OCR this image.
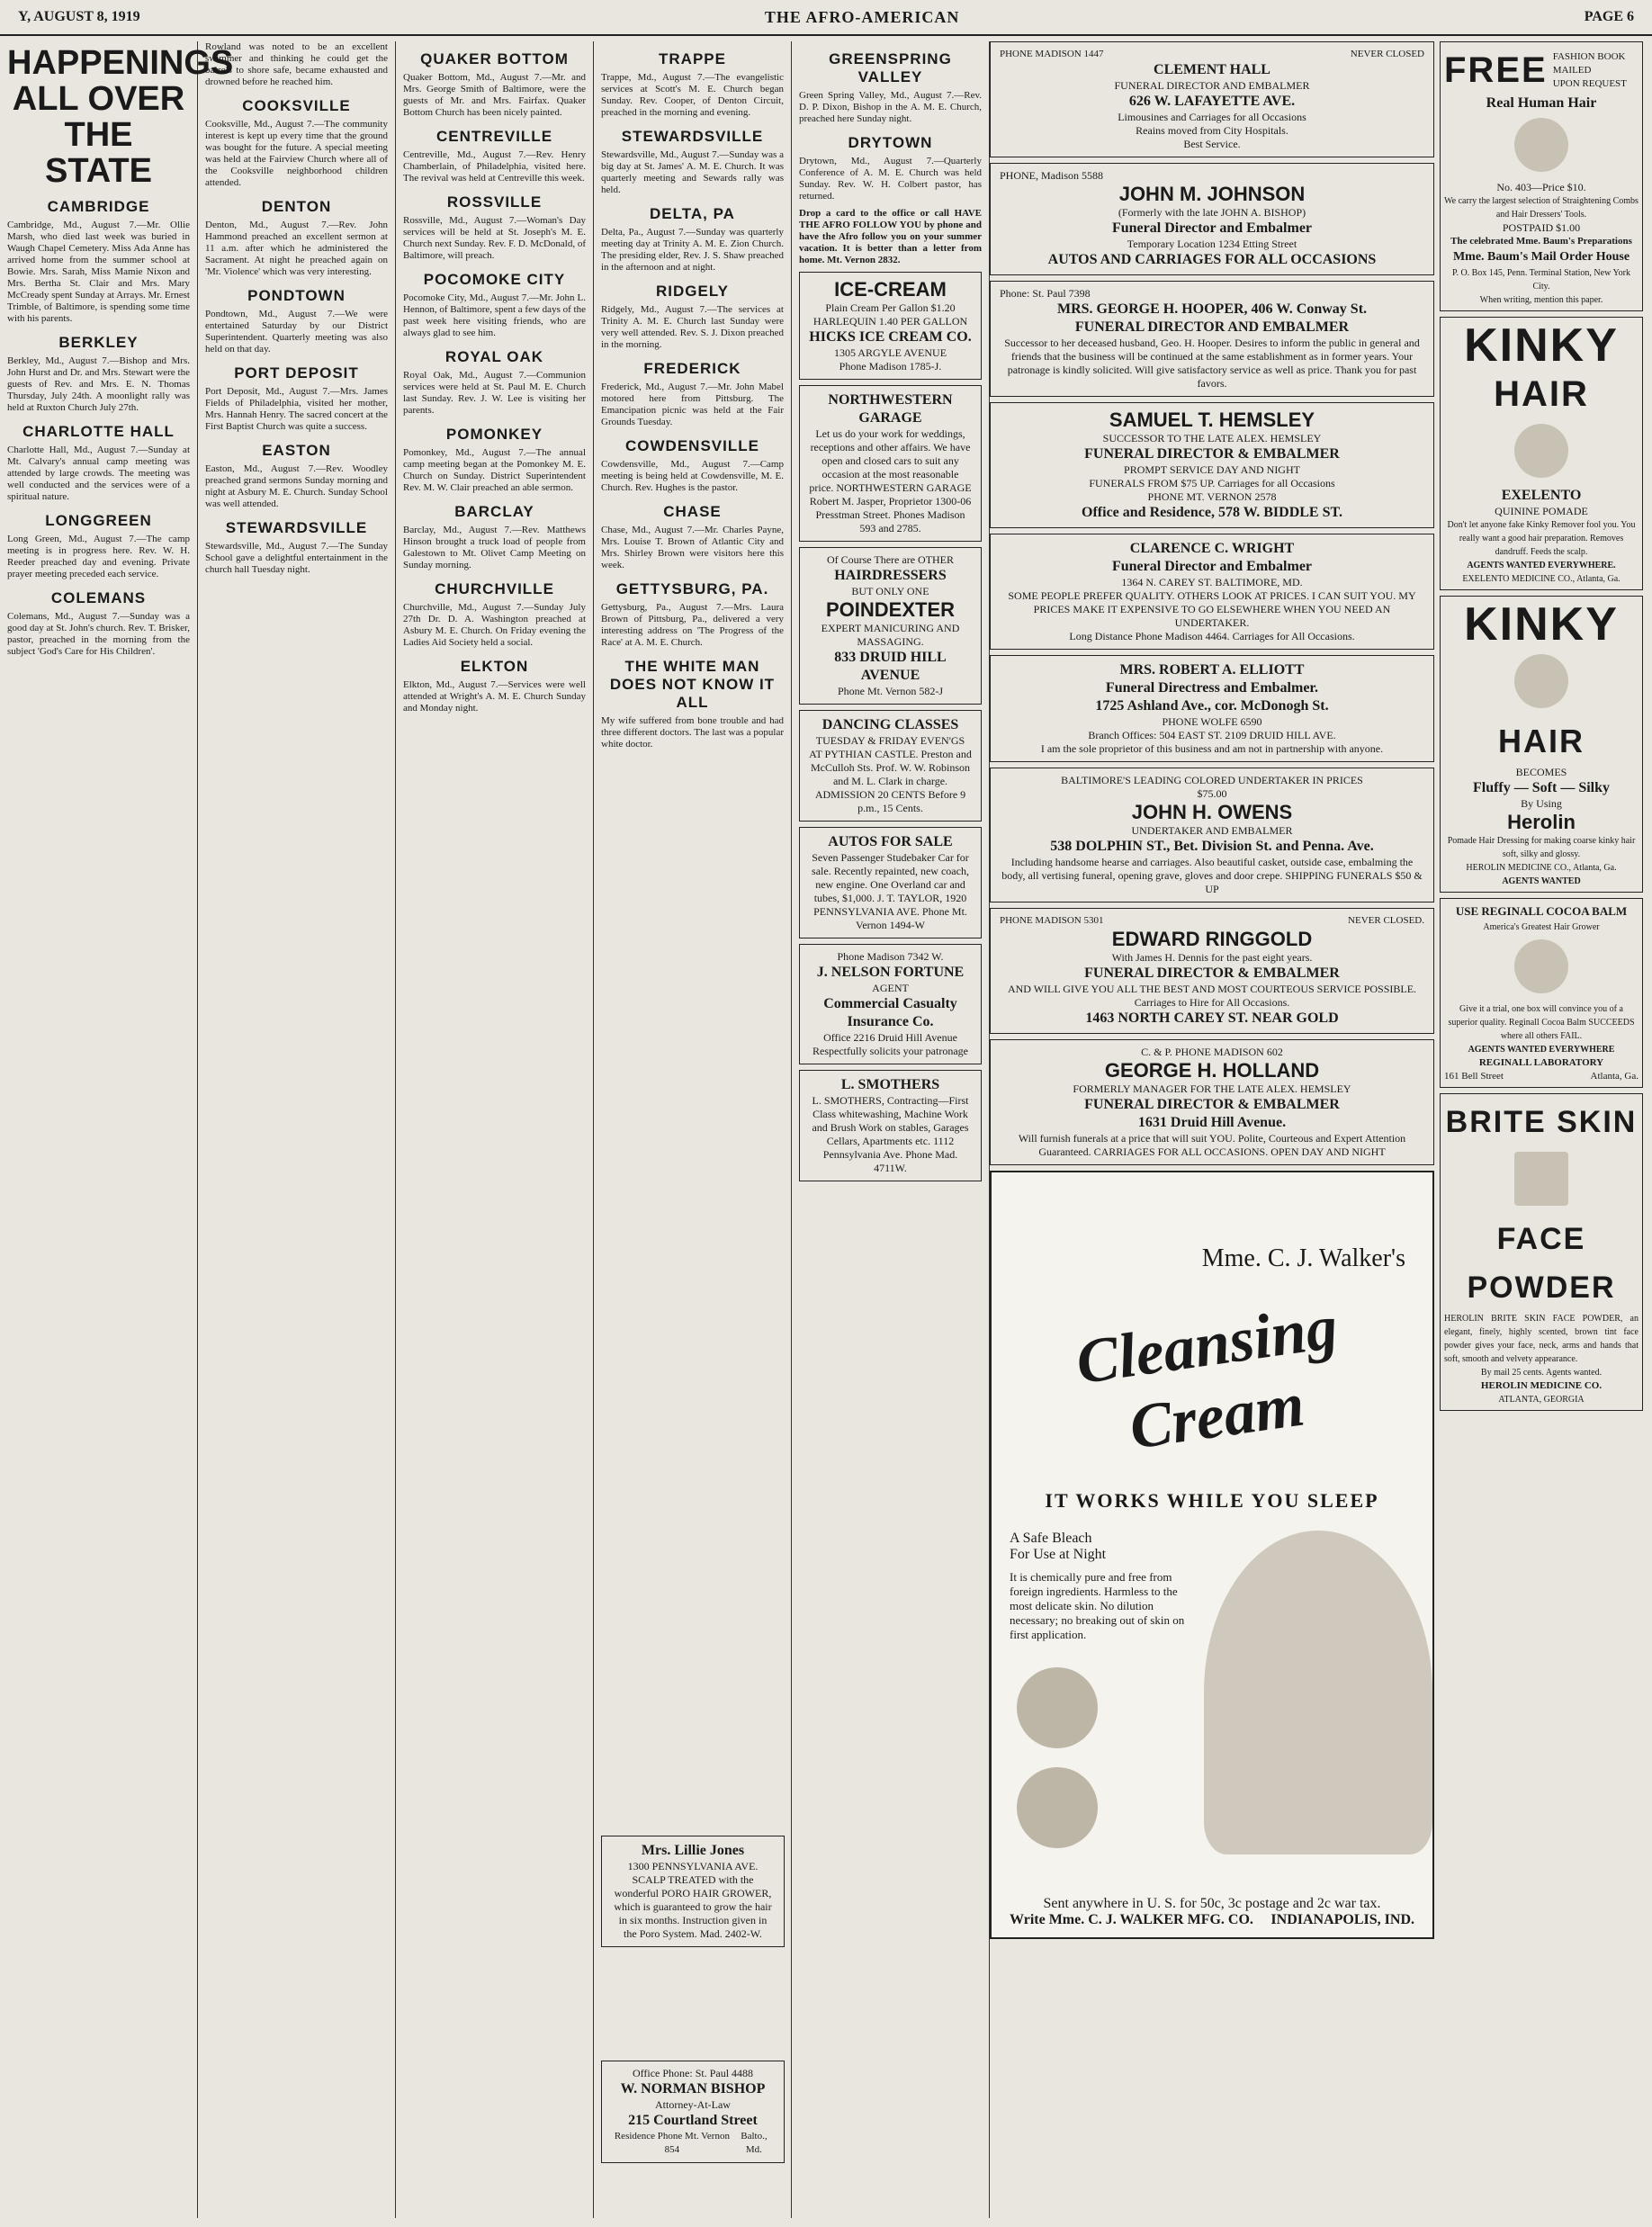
Y, AUGUST 8, 1919	THE AFRO-AMERICAN	PAGE 6
HAPPENINGS ALL OVER THE STATE
CAMBRIDGE

Cambridge, Md., August 7.—Mr. Ollie Marsh, who died last week was buried in Waugh Chapel Cemetery. Miss Ada Anne has arrived home from the summer school at Bowie. Mrs. Sarah, Miss Mamie Nixon and Mrs. Bertha St. Clair and Mrs. Mary McCready spent Sunday at Arrays. Mr. Ernest Trimble, of Baltimore, is spending some time with his parents.

BERKLEY

Berkley, Md., August 7.—Bishop and Mrs. John Hurst and Dr. and Mrs. Stewart were the guests of Rev. and Mrs. E. N. Thomas Thursday, July 24th. A moonlight rally was held at Ruxton Church July 27th.

CHARLOTTE HALL

Charlotte Hall, Md., August 7.—Sunday at Mt. Calvary's annual camp meeting was attended by large crowds. The meeting was well conducted and the services were of a spiritual nature.

LONGGREEN

Long Green, Md., August 7.—The camp meeting is in progress here. Rev. W. H. Reeder preached day and evening. Private prayer meeting preceded each service.

COLEMANS

Colemans, Md., August 7.—Sunday was a good day at St. John's church. Rev. T. Brisker, pastor, preached in the morning from the subject 'God's Care for His Children'.

Rowland was noted to be an excellent swimmer and thinking he could get the barrels to shore safe, became exhausted and drowned before he reached him.

COOKSVILLE

Cooksville, Md., August 7.—The community interest is kept up every time that the ground was bought for the future. A special meeting was held at the Fairview Church where all of the Cooksville neighborhood children attended.

DENTON

Denton, Md., August 7.—Rev. John Hammond preached an excellent sermon at 11 a.m. after which he administered the Sacrament. At night he preached again on 'Mr. Violence' which was very interesting.

PONDTOWN

Pondtown, Md., August 7.—We were entertained Saturday by our District Superintendent. Quarterly meeting was also held on that day.

PORT DEPOSIT

Port Deposit, Md., August 7.—Mrs. James Fields of Philadelphia, visited her mother, Mrs. Hannah Henry. The sacred concert at the First Baptist Church was quite a success.

EASTON

Easton, Md., August 7.—Rev. Woodley preached grand sermons Sunday morning and night at Asbury M. E. Church. Sunday School was well attended.

STEWARDSVILLE

Stewardsville, Md., August 7.—The Sunday School gave a delightful entertainment in the church hall Tuesday night.

QUAKER BOTTOM

Quaker Bottom, Md., August 7.—Mr. and Mrs. George Smith of Baltimore, were the guests of Mr. and Mrs. Fairfax. Quaker Bottom Church has been nicely painted.

CENTREVILLE

Centreville, Md., August 7.—Rev. Henry Chamberlain, of Philadelphia, visited here. The revival was held at Centreville this week.

ROSSVILLE

Rossville, Md., August 7.—Woman's Day services will be held at St. Joseph's M. E. Church next Sunday. Rev. F. D. McDonald, of Baltimore, will preach.

POCOMOKE CITY

Pocomoke City, Md., August 7.—Mr. John L. Hennon, of Baltimore, spent a few days of the past week here visiting friends, who are always glad to see him.

ROYAL OAK

Royal Oak, Md., August 7.—Communion services were held at St. Paul M. E. Church last Sunday. Rev. J. W. Lee is visiting her parents.

POMONKEY

Pomonkey, Md., August 7.—The annual camp meeting began at the Pomonkey M. E. Church on Sunday. District Superintendent Rev. M. W. Clair preached an able sermon.

BARCLAY

Barclay, Md., August 7.—Rev. Matthews Hinson brought a truck load of people from Galestown to Mt. Olivet Camp Meeting on Sunday morning.

CHURCHVILLE

Churchville, Md., August 7.—Sunday July 27th Dr. D. A. Washington preached at Asbury M. E. Church. On Friday evening the Ladies Aid Society held a social.

ELKTON

Elkton, Md., August 7.—Services were well attended at Wright's A. M. E. Church Sunday and Monday night.

TRAPPE

Trappe, Md., August 7.—The evangelistic services at Scott's M. E. Church began Sunday. Rev. Cooper, of Denton Circuit, preached in the morning and evening.

STEWARDSVILLE

Stewardsville, Md., August 7.—Sunday was a big day at St. James' A. M. E. Church. It was quarterly meeting and Sewards rally was held.

DELTA, PA

Delta, Pa., August 7.—Sunday was quarterly meeting day at Trinity A. M. E. Zion Church. The presiding elder, Rev. J. S. Shaw preached in the afternoon and at night.

RIDGELY

Ridgely, Md., August 7.—The services at Trinity A. M. E. Church last Sunday were very well attended. Rev. S. J. Dixon preached in the morning.

FREDERICK

Frederick, Md., August 7.—Mr. John Mabel motored here from Pittsburg. The Emancipation picnic was held at the Fair Grounds Tuesday.

COWDENSVILLE

Cowdensville, Md., August 7.—Camp meeting is being held at Cowdensville, M. E. Church. Rev. Hughes is the pastor.

CHASE

Chase, Md., August 7.—Mr. Charles Payne, Mrs. Louise T. Brown of Atlantic City and Mrs. Shirley Brown were visitors here this week.

GETTYSBURG, PA.

Gettysburg, Pa., August 7.—Mrs. Laura Brown of Pittsburg, Pa., delivered a very interesting address on 'The Progress of the Race' at A. M. E. Church.

THE WHITE MAN DOES NOT KNOW IT ALL

My wife suffered from bone trouble and had three different doctors. The last was a popular white doctor.

GREENSPRING VALLEY

Green Spring Valley, Md., August 7.—Rev. D. P. Dixon, Bishop in the A. M. E. Church, preached here Sunday night.

DRYTOWN

Drytown, Md., August 7.—Quarterly Conference of A. M. E. Church was held Sunday. Rev. W. H. Colbert pastor, has returned.

Drop a card to the office or call HAVE THE AFRO FOLLOW YOU by phone and have the Afro follow you on your summer vacation. It is better than a letter from home. Mt. Vernon 2832.

ICE-CREAM
Plain Cream Per Gallon $1.20
HARLEQUIN 1.40 PER GALLON
HICKS ICE CREAM CO.
1305 ARGYLE AVENUE
Phone Madison 1785-J.
NORTHWESTERN GARAGE
Let us do your work for weddings, receptions and other affairs. We have open and closed cars to suit any occasion at the most reasonable price. NORTHWESTERN GARAGE Robert M. Jasper, Proprietor 1300-06 Presstman Street. Phones Madison 593 and 2785.
Of Course There are OTHER
HAIRDRESSERS
BUT ONLY ONE
POINDEXTER
EXPERT MANICURING AND MASSAGING.
833 DRUID HILL AVENUE
Phone Mt. Vernon 582-J
DANCING CLASSES
TUESDAY & FRIDAY EVEN'GS AT PYTHIAN CASTLE. Preston and McCulloh Sts. Prof. W. W. Robinson and M. L. Clark in charge. ADMISSION 20 CENTS Before 9 p.m., 15 Cents.
AUTOS FOR SALE
Seven Passenger Studebaker Car for sale. Recently repainted, new coach, new engine. One Overland car and tubes, $1,000. J. T. TAYLOR, 1920 PENNSYLVANIA AVE. Phone Mt. Vernon 1494-W
Phone Madison 7342 W.
J. NELSON FORTUNE
AGENT
Commercial Casualty Insurance Co.
Office 2216 Druid Hill Avenue
Respectfully solicits your patronage
L. SMOTHERS
L. SMOTHERS, Contracting—First Class whitewashing, Machine Work and Brush Work on stables, Garages Cellars, Apartments etc. 1112 Pennsylvania Ave. Phone Mad. 4711W.
PHONE MADISON 1447	NEVER CLOSED
CLEMENT HALL
FUNERAL DIRECTOR AND EMBALMER
626 W. LAFAYETTE AVE.
Limousines and Carriages for all Occasions
Reains moved from City Hospitals.
Best Service.
PHONE, Madison 5588
JOHN M. JOHNSON
(Formerly with the late JOHN A. BISHOP)
Funeral Director and Embalmer
Temporary Location 1234 Etting Street
AUTOS AND CARRIAGES FOR ALL OCCASIONS
Phone: St. Paul 7398
MRS. GEORGE H. HOOPER, 406 W. Conway St.
FUNERAL DIRECTOR AND EMBALMER
Successor to her deceased husband, Geo. H. Hooper. Desires to inform the public in general and friends that the business will be continued at the same establishment as in former years. Your patronage is kindly solicited. Will give satisfactory service as well as price. Thank you for past favors.
SAMUEL T. HEMSLEY
SUCCESSOR TO THE LATE ALEX. HEMSLEY
FUNERAL DIRECTOR & EMBALMER
PROMPT SERVICE DAY AND NIGHT
FUNERALS FROM $75 UP. Carriages for all Occasions
PHONE MT. VERNON 2578
Office and Residence, 578 W. BIDDLE ST.
CLARENCE C. WRIGHT
Funeral Director and Embalmer
1364 N. CAREY ST. BALTIMORE, MD.
SOME PEOPLE PREFER QUALITY. OTHERS LOOK AT PRICES. I CAN SUIT YOU. MY PRICES MAKE IT EXPENSIVE TO GO ELSEWHERE WHEN YOU NEED AN UNDERTAKER.
Long Distance Phone Madison 4464. Carriages for All Occasions.
MRS. ROBERT A. ELLIOTT
Funeral Directress and Embalmer.
1725 Ashland Ave., cor. McDonogh St.
PHONE WOLFE 6590
Branch Offices: 504 EAST ST. 2109 DRUID HILL AVE.
I am the sole proprietor of this business and am not in partnership with anyone.
BALTIMORE'S LEADING COLORED UNDERTAKER IN PRICES
$75.00
JOHN H. OWENS
UNDERTAKER AND EMBALMER
538 DOLPHIN ST., Bet. Division St. and Penna. Ave.
Including handsome hearse and carriages. Also beautiful casket, outside case, embalming the body, all vertising funeral, opening grave, gloves and door crepe. SHIPPING FUNERALS $50 & UP
PHONE MADISON 5301	NEVER CLOSED.
EDWARD RINGGOLD
With James H. Dennis for the past eight years.
FUNERAL DIRECTOR & EMBALMER
AND WILL GIVE YOU ALL THE BEST AND MOST COURTEOUS SERVICE POSSIBLE. Carriages to Hire for All Occasions.
1463 NORTH CAREY ST. NEAR GOLD
C. & P. PHONE MADISON 602
GEORGE H. HOLLAND
FORMERLY MANAGER FOR THE LATE ALEX. HEMSLEY
FUNERAL DIRECTOR & EMBALMER
1631 Druid Hill Avenue.
Will furnish funerals at a price that will suit YOU. Polite, Courteous and Expert Attention Guaranteed. CARRIAGES FOR ALL OCCASIONS. OPEN DAY AND NIGHT
Mme. C. J. Walker's
Cleansing Cream
IT WORKS WHILE YOU SLEEP
A Safe Bleach
For Use at Night
It is chemically pure and free from foreign ingredients. Harmless to the most delicate skin. No dilution necessary; no breaking out of skin on first application.

Sent anywhere in U. S. for 50c, 3c postage and 2c war tax.
Write Mme. C. J. WALKER MFG. CO. INDIANAPOLIS, IND.
Mrs. Lillie Jones
1300 PENNSYLVANIA AVE.
SCALP TREATED with the wonderful PORO HAIR GROWER, which is guaranteed to grow the hair in six months. Instruction given in the Poro System. Mad. 2402-W.
Office Phone: St. Paul 4488
W. NORMAN BISHOP
Attorney-At-Law
215 Courtland Street
Residence Phone Mt. Vernon 854
Balto., Md.
FREE FASHION BOOK
MAILED
UPON REQUEST
Real Human Hair
No. 403—Price $10.
We carry the largest selection of Straightening Combs and Hair Dressers' Tools.
POSTPAID $1.00
The celebrated Mme. Baum's Preparations
Mme. Baum's Mail Order House
P. O. Box 145, Penn. Terminal Station, New York City.
When writing, mention this paper.
KINKY
HAIR
EXELENTO
QUININE POMADE
Don't let anyone fake Kinky Remover fool you. You really want a good hair preparation. Removes dandruff. Feeds the scalp.
AGENTS WANTED EVERYWHERE.
EXELENTO MEDICINE CO., Atlanta, Ga.
KINKY
HAIR
BECOMES
Fluffy — Soft — Silky
By Using
Herolin
Pomade Hair Dressing for making coarse kinky hair soft, silky and glossy.
HEROLIN MEDICINE CO., Atlanta, Ga.
AGENTS WANTED
USE REGINALL COCOA BALM
America's Greatest Hair Grower
Give it a trial, one box will convince you of a superior quality. Reginall Cocoa Balm SUCCEEDS where all others FAIL.
AGENTS WANTED EVERYWHERE
REGINALL LABORATORY
161 Bell Street	Atlanta, Ga.
BRITE SKIN
FACE POWDER
HEROLIN BRITE SKIN FACE POWDER, an elegant, finely, highly scented, brown tint face powder gives your face, neck, arms and hands that soft, smooth and velvety appearance.
By mail 25 cents. Agents wanted.
HEROLIN MEDICINE CO.
ATLANTA, GEORGIA
